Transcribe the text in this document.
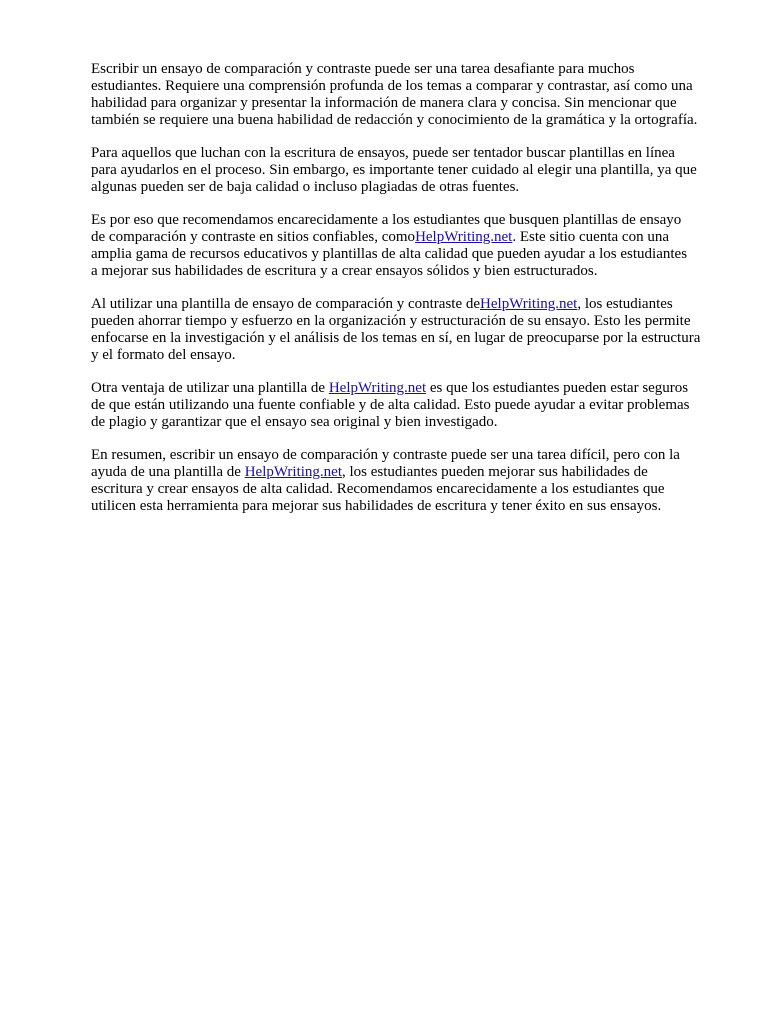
Escribir un ensayo de comparación y contraste puede ser una tarea desafiante para muchos
estudiantes. Requiere una comprensión profunda de los temas a comparar y contrastar, así como una
habilidad para organizar y presentar la información de manera clara y concisa. Sin mencionar que
también se requiere una buena habilidad de redacción y conocimiento de la gramática y la ortografía.

Para aquellos que luchan con la escritura de ensayos, puede ser tentador buscar plantillas en línea
para ayudarlos en el proceso. Sin embargo, es importante tener cuidado al elegir una plantilla, ya que
algunas pueden ser de baja calidad o incluso plagiadas de otras fuentes.

Es por eso que recomendamos encarecidamente a los estudiantes que busquen plantillas de ensayo
de comparación y contraste en sitios confiables, comoHelpWriting.net. Este sitio cuenta con una
amplia gama de recursos educativos y plantillas de alta calidad que pueden ayudar a los estudiantes
a mejorar sus habilidades de escritura y a crear ensayos sólidos y bien estructurados.

Al utilizar una plantilla de ensayo de comparación y contraste deHelpWriting.net, los estudiantes
pueden ahorrar tiempo y esfuerzo en la organización y estructuración de su ensayo. Esto les permite
enfocarse en la investigación y el análisis de los temas en sí, en lugar de preocuparse por la estructura
y el formato del ensayo.

Otra ventaja de utilizar una plantilla de HelpWriting.net es que los estudiantes pueden estar seguros
de que están utilizando una fuente confiable y de alta calidad. Esto puede ayudar a evitar problemas
de plagio y garantizar que el ensayo sea original y bien investigado.

En resumen, escribir un ensayo de comparación y contraste puede ser una tarea difícil, pero con la
ayuda de una plantilla de HelpWriting.net, los estudiantes pueden mejorar sus habilidades de
escritura y crear ensayos de alta calidad. Recomendamos encarecidamente a los estudiantes que
utilicen esta herramienta para mejorar sus habilidades de escritura y tener éxito en sus ensayos.
